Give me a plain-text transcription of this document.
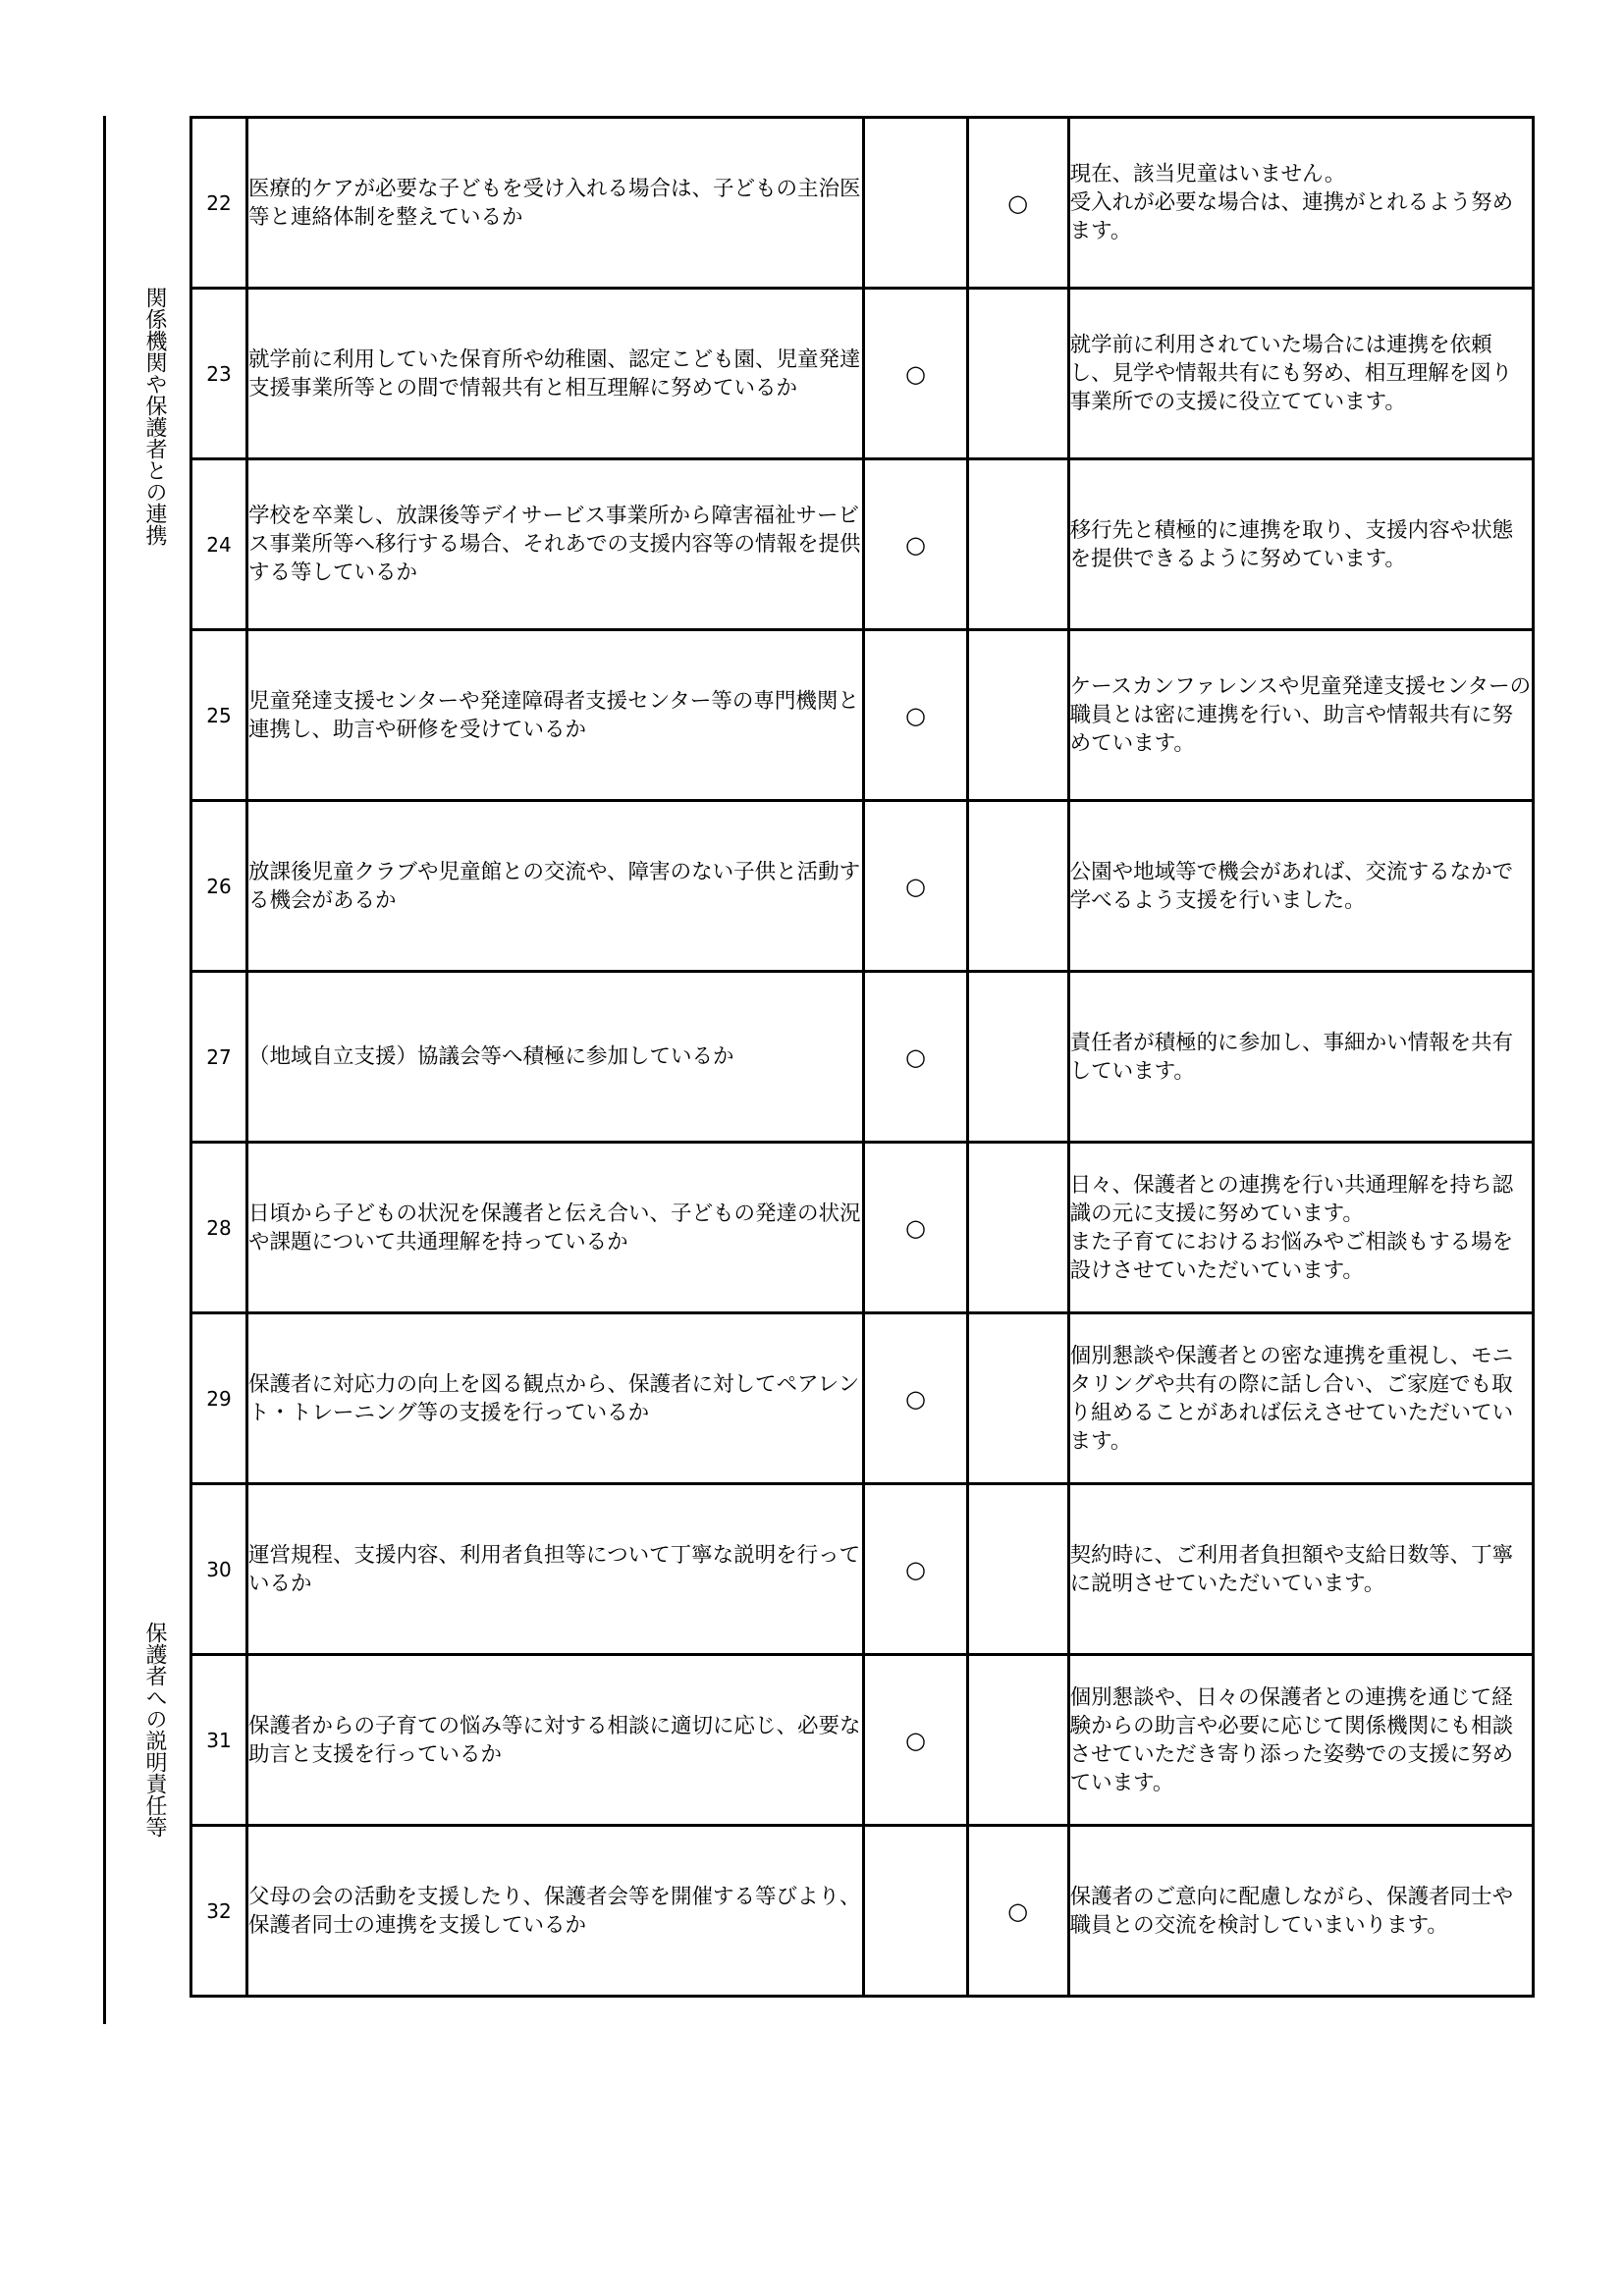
関係機関や保護者との連携
保護者への説明責任等
22	医療的ケアが必要な子どもを受け入れる場合は、子どもの主治医等と連絡体制を整えているか		○	現在、該当児童はいません。
受入れが必要な場合は、連携がとれるよう努めます。
23	就学前に利用していた保育所や幼稚園、認定こども園、児童発達支援事業所等との間で情報共有と相互理解に努めているか	○		就学前に利用されていた場合には連携を依頼し、見学や情報共有にも努め、相互理解を図り事業所での支援に役立てています。
24	学校を卒業し、放課後等デイサービス事業所から障害福祉サービス事業所等へ移行する場合、それあでの支援内容等の情報を提供する等しているか	○		移行先と積極的に連携を取り、支援内容や状態を提供できるように努めています。
25	児童発達支援センターや発達障碍者支援センター等の専門機関と連携し、助言や研修を受けているか	○		ケースカンファレンスや児童発達支援センターの職員とは密に連携を行い、助言や情報共有に努めています。
26	放課後児童クラブや児童館との交流や、障害のない子供と活動する機会があるか	○		公園や地域等で機会があれば、交流するなかで学べるよう支援を行いました。
27	（地域自立支援）協議会等へ積極に参加しているか	○		責任者が積極的に参加し、事細かい情報を共有しています。
28	日頃から子どもの状況を保護者と伝え合い、子どもの発達の状況や課題について共通理解を持っているか	○		日々、保護者との連携を行い共通理解を持ち認識の元に支援に努めています。
また子育てにおけるお悩みやご相談もする場を設けさせていただいています。
29	保護者に対応力の向上を図る観点から、保護者に対してペアレント・トレーニング等の支援を行っているか	○		個別懇談や保護者との密な連携を重視し、モニタリングや共有の際に話し合い、ご家庭でも取り組めることがあれば伝えさせていただいています。
30	運営規程、支援内容、利用者負担等について丁寧な説明を行っているか	○		契約時に、ご利用者負担額や支給日数等、丁寧に説明させていただいています。
31	保護者からの子育ての悩み等に対する相談に適切に応じ、必要な助言と支援を行っているか	○		個別懇談や、日々の保護者との連携を通じて経験からの助言や必要に応じて関係機関にも相談させていただき寄り添った姿勢での支援に努めています。
32	父母の会の活動を支援したり、保護者会等を開催する等びより、保護者同士の連携を支援しているか		○	保護者のご意向に配慮しながら、保護者同士や職員との交流を検討していまいります。
